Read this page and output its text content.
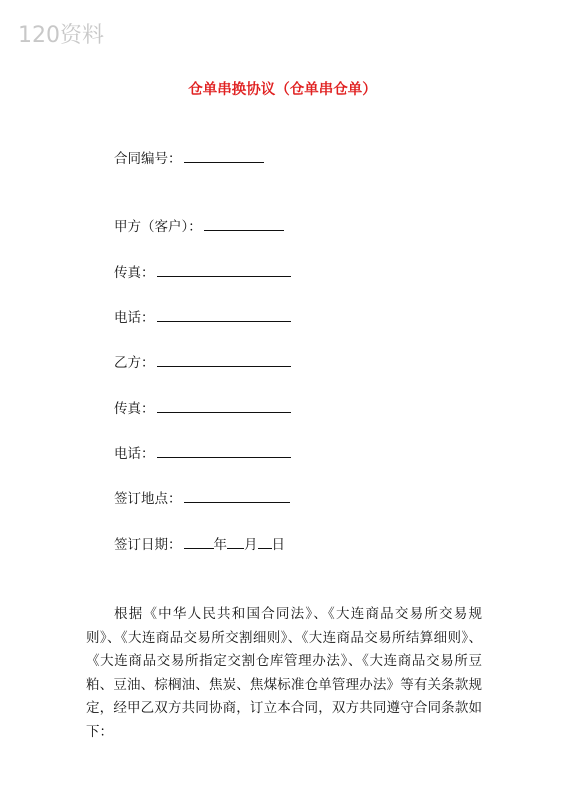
120资料
仓单串换协议（仓单串仓单）
合同编号：
甲方（客户）：
传真：
电话：
乙方：
传真：
电话：
签订地点：
签订日期： 年 月 日
根据《中华人民共和国合同法》、《大连商品交易所交易规则》、《大连商品交易所交割细则》、《大连商品交易所结算细则》、《大连商品交易所指定交割仓库管理办法》、《大连商品交易所豆粕、豆油、棕榈油、焦炭、焦煤标准仓单管理办法》等有关条款规定，经甲乙双方共同协商，订立本合同，双方共同遵守合同条款如下：
